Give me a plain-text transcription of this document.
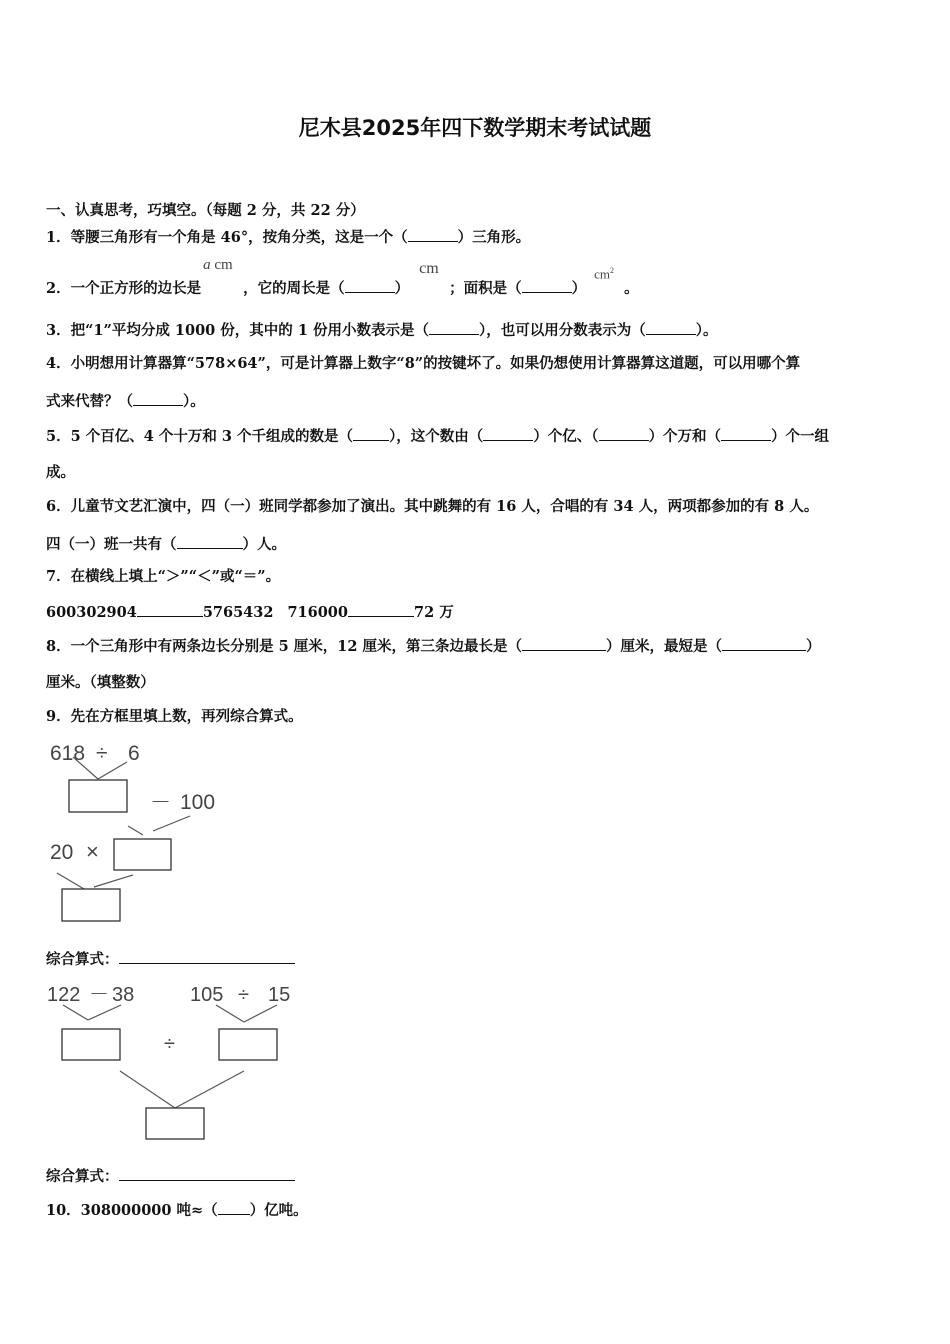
尼木县2025年四下数学期末考试试题
一、认真思考，巧填空。（每题 2 分，共 22 分）
1．等腰三角形有一个角是 46°，按角分类，这是一个（	）三角形。
2．一个正方形的边长是
a cm
，它的周长是（	）
cm
；面积是（	）
$cm^2$
。
3．把“1”平均分成 1000 份，其中的 1 份用小数表示是（	），也可以用分数表示为（	）。
4．小明想用计算器算“578×64”，可是计算器上数字“8”的按键坏了。如果仍想使用计算器算这道题，可以用哪个算
式来代替？（	）。
5．5 个百亿、4 个十万和 3 个千组成的数是（ ），这个数由（	）个亿、（	）个万和（	）个一组
成。
6．儿童节文艺汇演中，四（一）班同学都参加了演出。其中跳舞的有 16 人，合唱的有 34 人，两项都参加的有 8 人。
四（一）班一共有（	）人。
7．在横线上填上“＞”“＜”或“＝”。
600302904	5765432 716000	72 万
8．一个三角形中有两条边长分别是 5 厘米，12 厘米，第三条边最长是（	）厘米，最短是（	）
厘米。（填整数）
9．先在方框里填上数，再列综合算式。
618 ÷ 6
－ 100
20 ×
综合算式：
122 － 38	105 ÷ 15
÷
综合算式：
10．308000000 吨≈（ ）亿吨。
